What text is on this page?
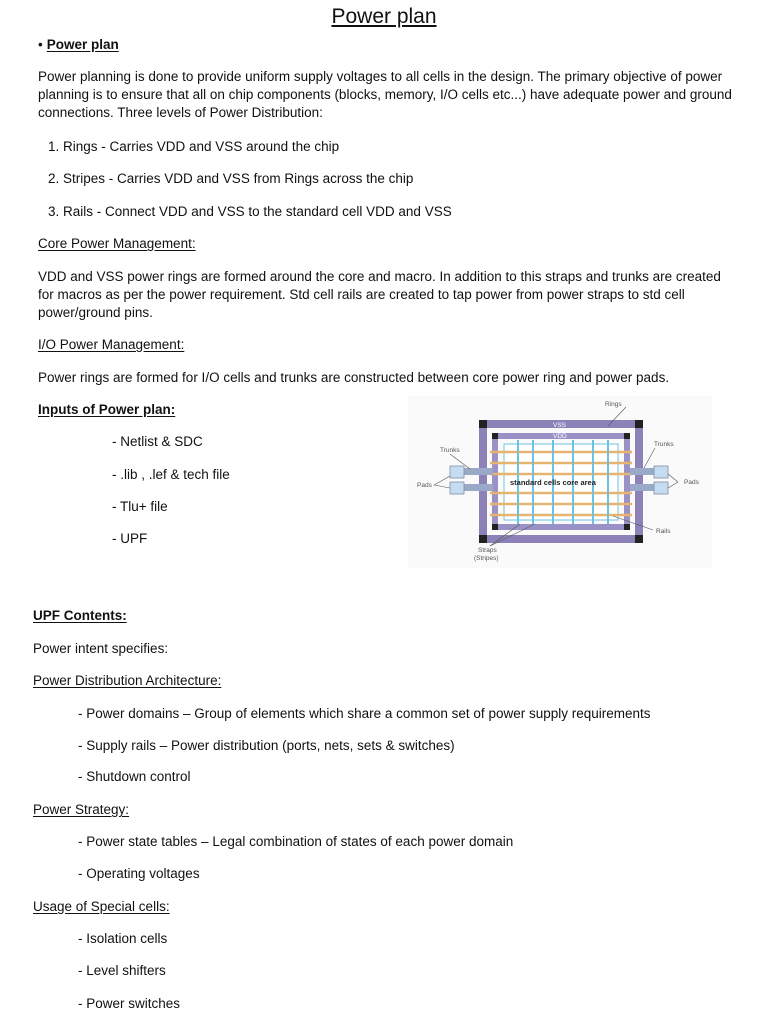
Power plan
• Power plan

Power planning is done to provide uniform supply voltages to all cells in the design. The primary objective of power planning is to ensure that all on chip components (blocks, memory, I/O cells etc...) have adequate power and ground connections. Three levels of Power Distribution:

1. Rings - Carries VDD and VSS around the chip

2. Stripes - Carries VDD and VSS from Rings across the chip

3. Rails - Connect VDD and VSS to the standard cell VDD and VSS

Core Power Management:

VDD and VSS power rings are formed around the core and macro. In addition to this straps and trunks are created for macros as per the power requirement. Std cell rails are created to tap power from power straps to std cell power/ground pins.

I/O Power Management:

Power rings are formed for I/O cells and trunks are constructed between core power ring and power pads.

Inputs of Power plan:

- Netlist & SDC

- .lib , .lef & tech file

- Tlu+ file

- UPF

Rings
Trunks
Trunks
Pads	Pads
Rails
Straps
(Stripes)
VSS
VDD
standard cells core area

UPF Contents:

Power intent specifies:

Power Distribution Architecture:

- Power domains – Group of elements which share a common set of power supply requirements

- Supply rails – Power distribution (ports, nets, sets & switches)

- Shutdown control

Power Strategy:

- Power state tables – Legal combination of states of each power domain

- Operating voltages

Usage of Special cells:

- Isolation cells

- Level shifters

- Power switches
